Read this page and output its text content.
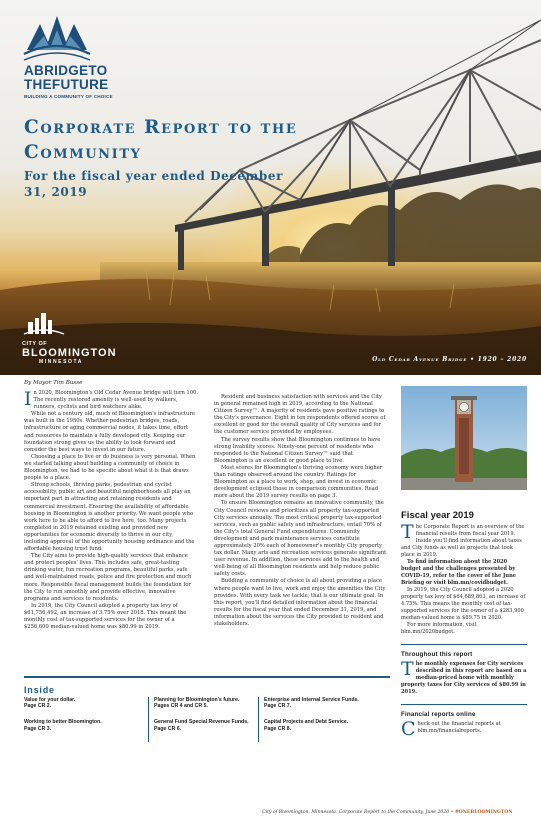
ABRIDGETO
THEFUTURE
BUILDING A COMMUNITY OF CHOICE
Corporate Report to the Community
For the fiscal year ended December 31, 2019
CITY OF
BLOOMINGTON
MINNESOTA	Old Cedar Avenue Bridge • 1920 – 2020
By Mayor Tim Busse

In 2020, Bloomington's Old Cedar Avenue bridge will turn 100. The recently restored amenity is well-used by walkers, runners, cyclists and bird watchers alike.

While not a century old, much of Bloomington's infrastructure was built in the 1950s. Whether pedestrian bridges, roads, infrastructure or aging commercial nodes, it takes time, effort and resources to maintain a fully developed city. Keeping our foundation strong gives us the ability to look forward and consider the best ways to invest in our future.

Choosing a place to live or do business is very personal. When we started talking about building a community of choice in Bloomington, we had to be specific about what it is that draws people to a place.

Strong schools, thriving parks, pedestrian and cyclist accessibility, public art and beautiful neighborhoods all play an important part in attracting and retaining residents and commercial investment. Ensuring the availability of affordable housing in Bloomington is another priority. We want people who work here to be able to afford to live here, too. Many projects completed in 2019 retained existing and provided new opportunities for economic diversity to thrive in our city, including approval of the opportunity housing ordinance and the affordable housing trust fund.

The City aims to provide high-quality services that enhance and protect peoples' lives. This includes safe, great-tasting drinking water, fun recreation programs, beautiful parks, safe and well-maintained roads, police and fire protection and much more. Responsible fiscal management builds the foundation for the City to run smoothly and provide effective, innovative programs and services to residents.

In 2019, the City Council adopted a property tax levy of $61,756,492, an increase of 3.75% over 2018. This meant the monthly cost of tax-supported services for the owner of a $256,600 median-valued home was $80.99 in 2019.

Resident and business satisfaction with services and the City in general remained high in 2019, according to the National Citizen Survey™. A majority of residents gave positive ratings to the City's governance. Eight in ten respondents offered scores of excellent or good for the overall quality of City services and for the customer service provided by employees.

The survey results show that Bloomington continues to have strong livability scores. Ninety-one percent of residents who responded to the National Citizen Survey™ said that Bloomington is an excellent or good place to live.

Most scores for Bloomington's thriving economy were higher than ratings observed around the country. Ratings for Bloomington as a place to work, shop, and invest in economic development eclipsed those in comparison communities. Read more about the 2019 survey results on page 3.

To ensure Bloomington remains an innovative community, the City Council reviews and prioritizes all property tax-supported City services annually. The most critical property tax-supported services, such as public safety and infrastructure, entail 70% of the City's total General Fund expenditures. Community development and park maintenance services constitute approximately 20% each of homeowner's monthly City property tax dollar. Many arts and recreation services generate significant user revenue. In addition, these services add to the health and well-being of all Bloomington residents and help reduce public safety costs.

Building a community of choice is all about providing a place where people want to live, work and enjoy the amenities the City provides. With every task we tackle, that is our ultimate goal. In this report, you'll find detailed information about the financial results for the fiscal year that ended December 31, 2019, and information about the services the City provided to resident and stakeholders.

Fiscal year 2019

The Corporate Report is an overview of the financial results from fiscal year 2019. Inside you'll find information about taxes and City funds as well as projects that took place in 2019.

To find information about the 2020 budget and the challenges presented by COVID-19, refer to the cover of the June Briefing or visit blm.mn/covidbudget.

In 2019, the City Council adopted a 2020 property tax levy of $64,689,863, an increase of 4.75%. This means the monthly cost of tax-supported services for the owner of a $283,900 median-valued home is $89.75 in 2020.

For more information, visit blm.mn/2020budget.

Throughout this report

The monthly expenses for City services described in this report are based on a median-priced home with monthly property taxes for City services of $80.99 in 2019.

Financial reports online

Check out the financial reports at blm.mn/financialreports.

Inside
Value for your dollar.
Page CR 2.
Working to better Bloomington.
Page CR 3.
Planning for Bloomington's future.
Pages CR 4 and CR 5.
General Fund Special Revenue Funds.
Page CR 6.
Enterprise and Internal Service Funds.
Page CR 7.
Capital Projects and Debt Service.
Page CR 8.
City of Bloomington, Minnesota, Corporate Report to the Community, June 2020 • #ONEBLOOMINGTON
